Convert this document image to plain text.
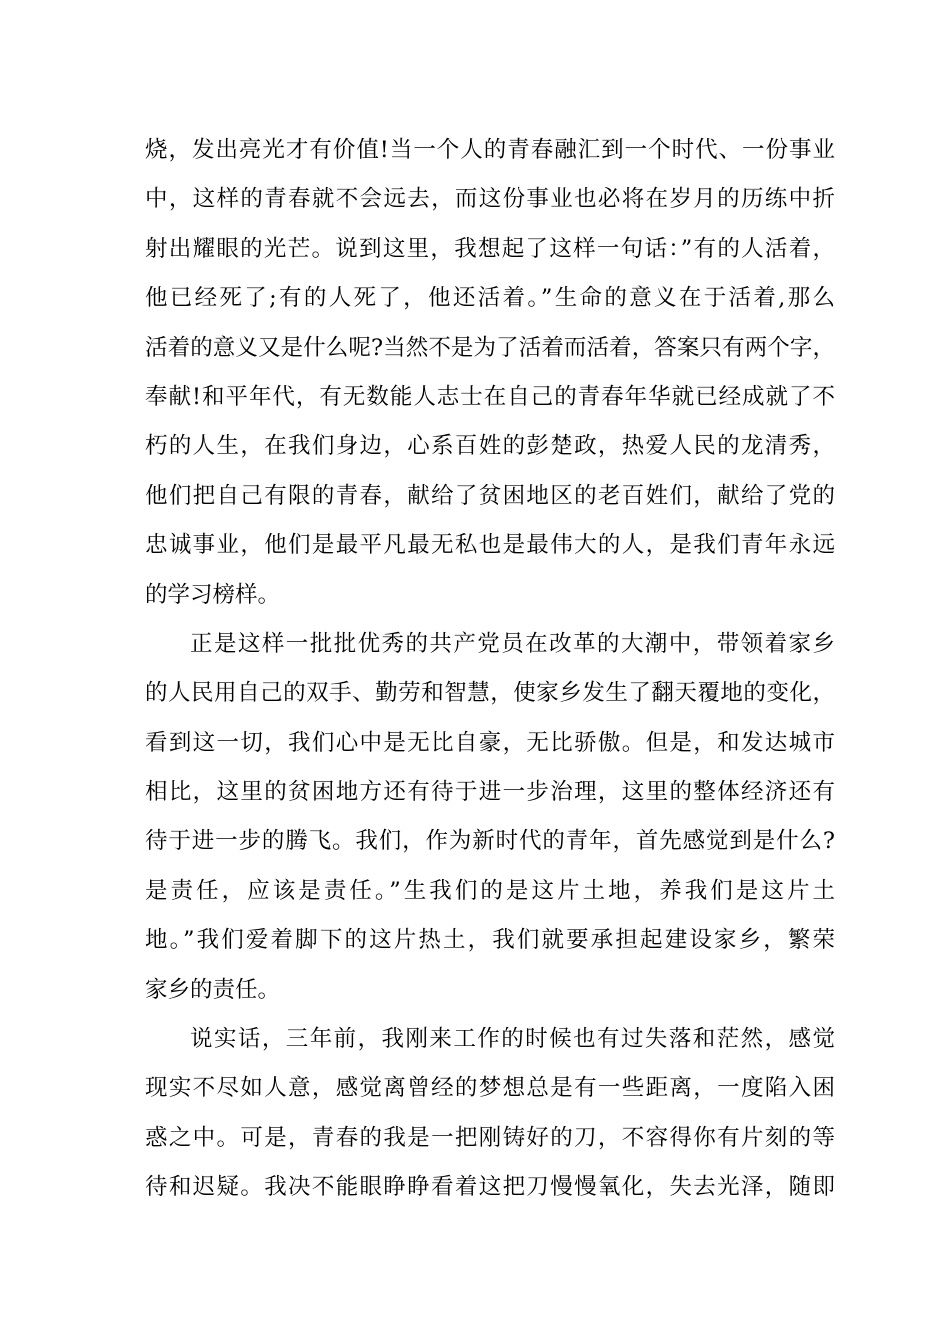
烧，发出亮光才有价值!当一个人的青春融汇到一个时代、一份事业
中，这样的青春就不会远去，而这份事业也必将在岁月的历练中折
射出耀眼的光芒。说到这里，我想起了这样一句话：”有的人活着，
他已经死了;有的人死了，他还活着。”生命的意义在于活着,那么
活着的意义又是什么呢?当然不是为了活着而活着，答案只有两个字，
奉献!和平年代，有无数能人志士在自己的青春年华就已经成就了不
朽的人生，在我们身边，心系百姓的彭楚政，热爱人民的龙清秀，
他们把自己有限的青春，献给了贫困地区的老百姓们，献给了党的
忠诚事业，他们是最平凡最无私也是最伟大的人，是我们青年永远
的学习榜样。
正是这样一批批优秀的共产党员在改革的大潮中，带领着家乡
的人民用自己的双手、勤劳和智慧，使家乡发生了翻天覆地的变化，
看到这一切，我们心中是无比自豪，无比骄傲。但是，和发达城市
相比，这里的贫困地方还有待于进一步治理，这里的整体经济还有
待于进一步的腾飞。我们，作为新时代的青年，首先感觉到是什么?
是责任，应该是责任。”生我们的是这片土地，养我们是这片土
地。”我们爱着脚下的这片热土，我们就要承担起建设家乡，繁荣
家乡的责任。
说实话，三年前，我刚来工作的时候也有过失落和茫然，感觉
现实不尽如人意，感觉离曾经的梦想总是有一些距离，一度陷入困
惑之中。可是，青春的我是一把刚铸好的刀，不容得你有片刻的等
待和迟疑。我决不能眼睁睁看着这把刀慢慢氧化，失去光泽，随即
